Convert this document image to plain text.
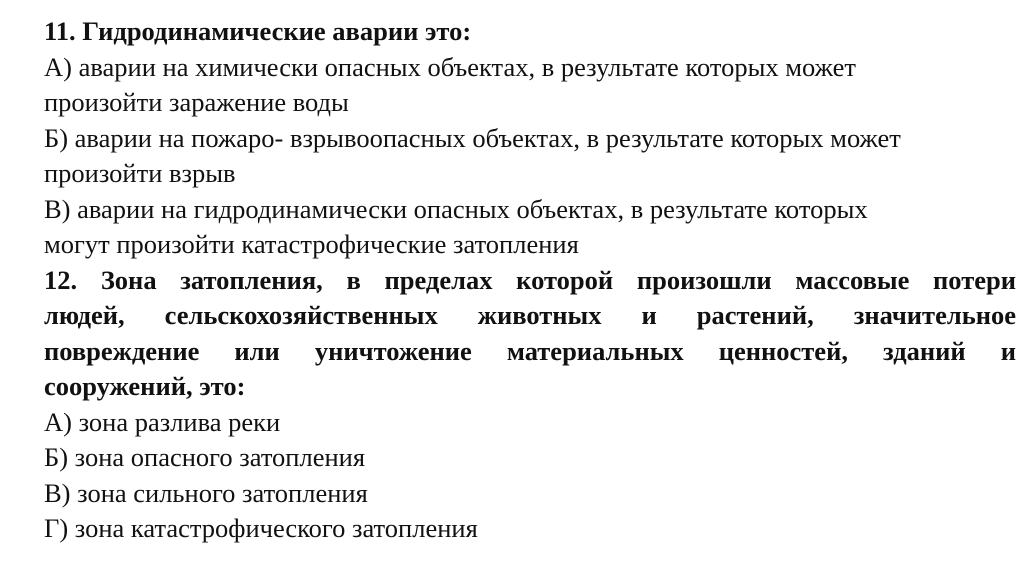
11. Гидродинамические аварии это:
А) аварии на химически опасных объектах, в результате которых может
произойти заражение воды
Б) аварии на пожаро- взрывоопасных объектах, в результате которых может
произойти взрыв
В) аварии на гидродинамически опасных объектах, в результате которых
могут произойти катастрофические затопления
12. Зона затопления, в пределах которой произошли массовые потери
людей, сельскохозяйственных животных и растений, значительное
повреждение или уничтожение материальных ценностей, зданий и
сооружений, это:
А) зона разлива реки
Б) зона опасного затопления
В) зона сильного затопления
Г) зона катастрофического затопления
